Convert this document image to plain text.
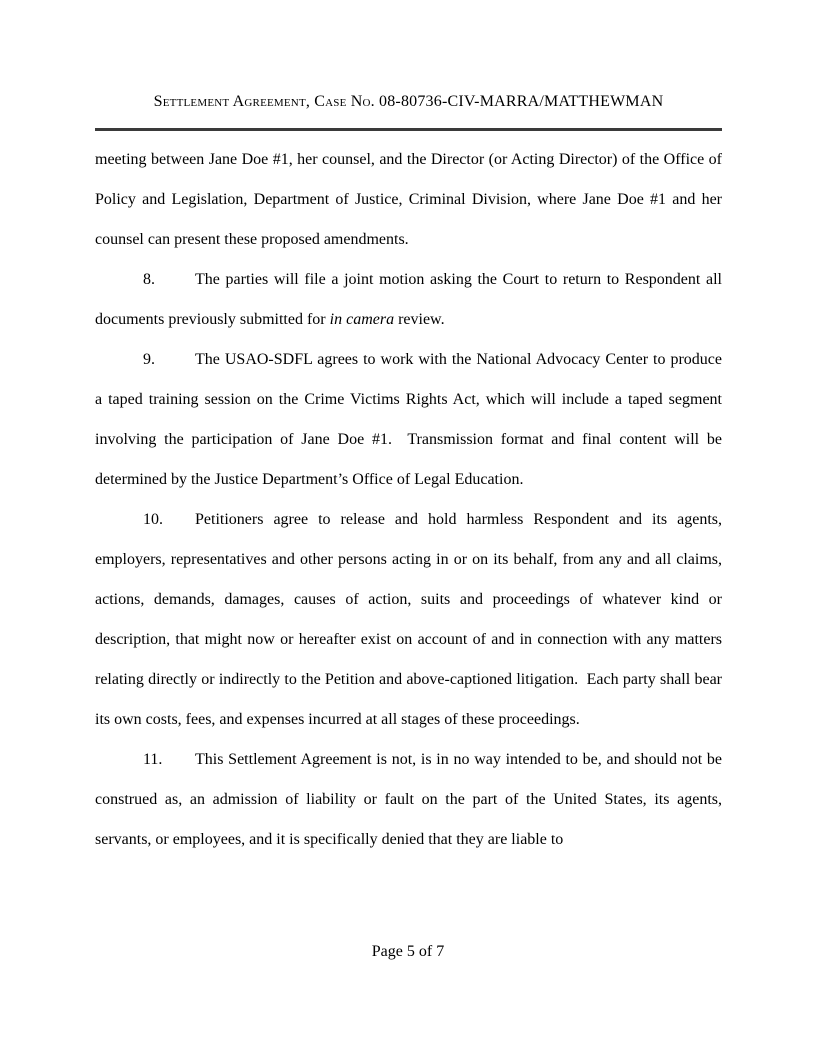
Settlement Agreement, Case No. 08-80736-CIV-MARRA/MATTHEWMAN

meeting between Jane Doe #1, her counsel, and the Director (or Acting Director) of the Office of Policy and Legislation, Department of Justice, Criminal Division, where Jane Doe #1 and her counsel can present these proposed amendments.

8.	The parties will file a joint motion asking the Court to return to Respondent all documents previously submitted for in camera review.

9.	The USAO-SDFL agrees to work with the National Advocacy Center to produce a taped training session on the Crime Victims Rights Act, which will include a taped segment involving the participation of Jane Doe #1.  Transmission format and final content will be determined by the Justice Department’s Office of Legal Education.

10. Petitioners agree to release and hold harmless Respondent and its agents, employers, representatives and other persons acting in or on its behalf, from any and all claims, actions, demands, damages, causes of action, suits and proceedings of whatever kind or description, that might now or hereafter exist on account of and in connection with any matters relating directly or indirectly to the Petition and above-captioned litigation.  Each party shall bear its own costs, fees, and expenses incurred at all stages of these proceedings.

11. This Settlement Agreement is not, is in no way intended to be, and should not be construed as, an admission of liability or fault on the part of the United States, its agents, servants, or employees, and it is specifically denied that they are liable to

Page 5 of 7
